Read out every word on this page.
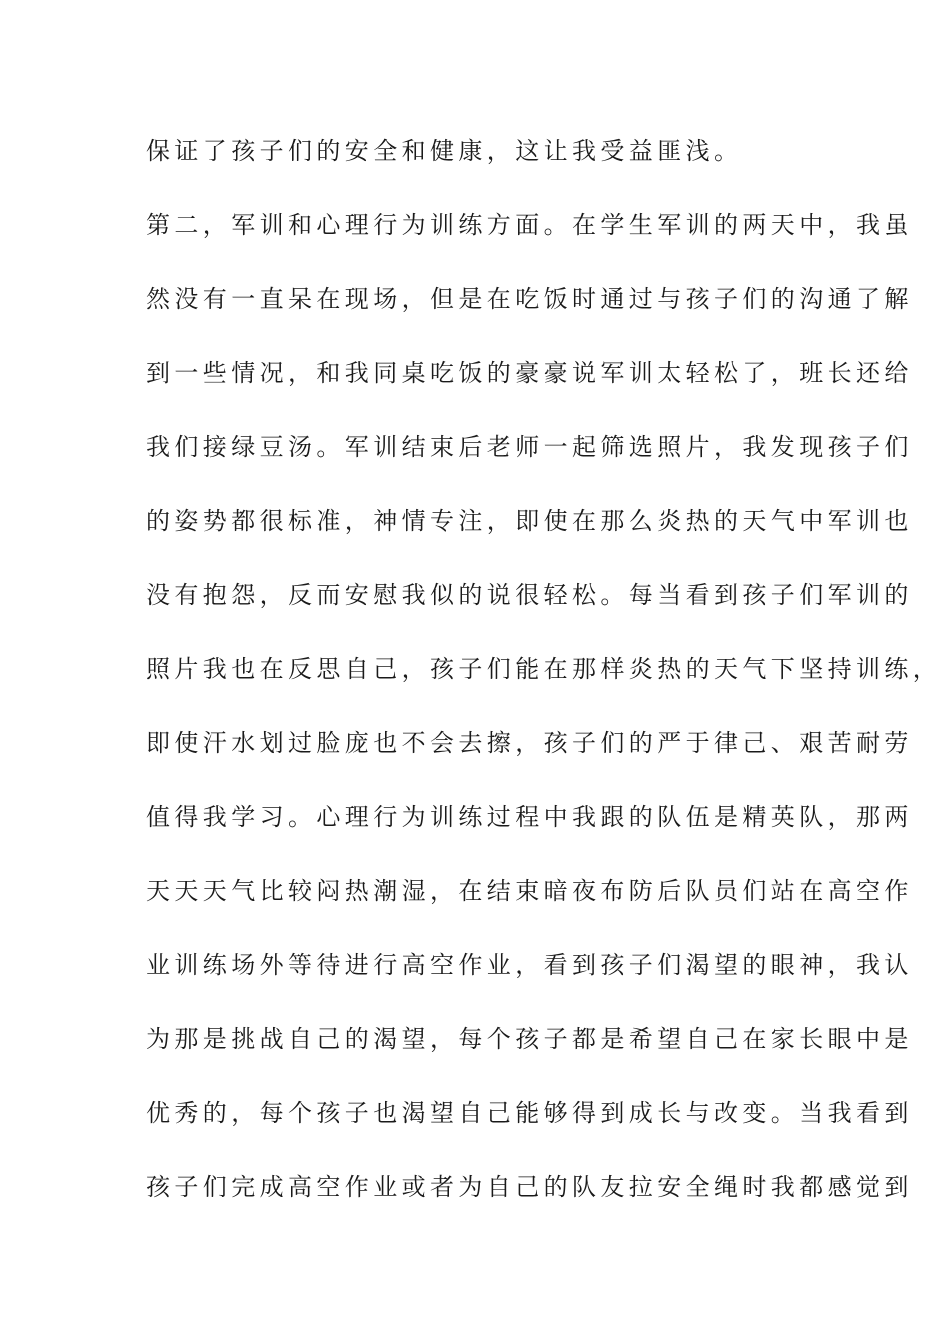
保证了孩子们的安全和健康，这让我受益匪浅。
第二，军训和心理行为训练方面。在学生军训的两天中，我虽
然没有一直呆在现场，但是在吃饭时通过与孩子们的沟通了解
到一些情况，和我同桌吃饭的豪豪说军训太轻松了，班长还给
我们接绿豆汤。军训结束后老师一起筛选照片，我发现孩子们
的姿势都很标准，神情专注，即使在那么炎热的天气中军训也
没有抱怨，反而安慰我似的说很轻松。每当看到孩子们军训的
照片我也在反思自己，孩子们能在那样炎热的天气下坚持训练，
即使汗水划过脸庞也不会去擦，孩子们的严于律己、艰苦耐劳
值得我学习。心理行为训练过程中我跟的队伍是精英队，那两
天天天气比较闷热潮湿，在结束暗夜布防后队员们站在高空作
业训练场外等待进行高空作业，看到孩子们渴望的眼神，我认
为那是挑战自己的渴望，每个孩子都是希望自己在家长眼中是
优秀的，每个孩子也渴望自己能够得到成长与改变。当我看到
孩子们完成高空作业或者为自己的队友拉安全绳时我都感觉到
